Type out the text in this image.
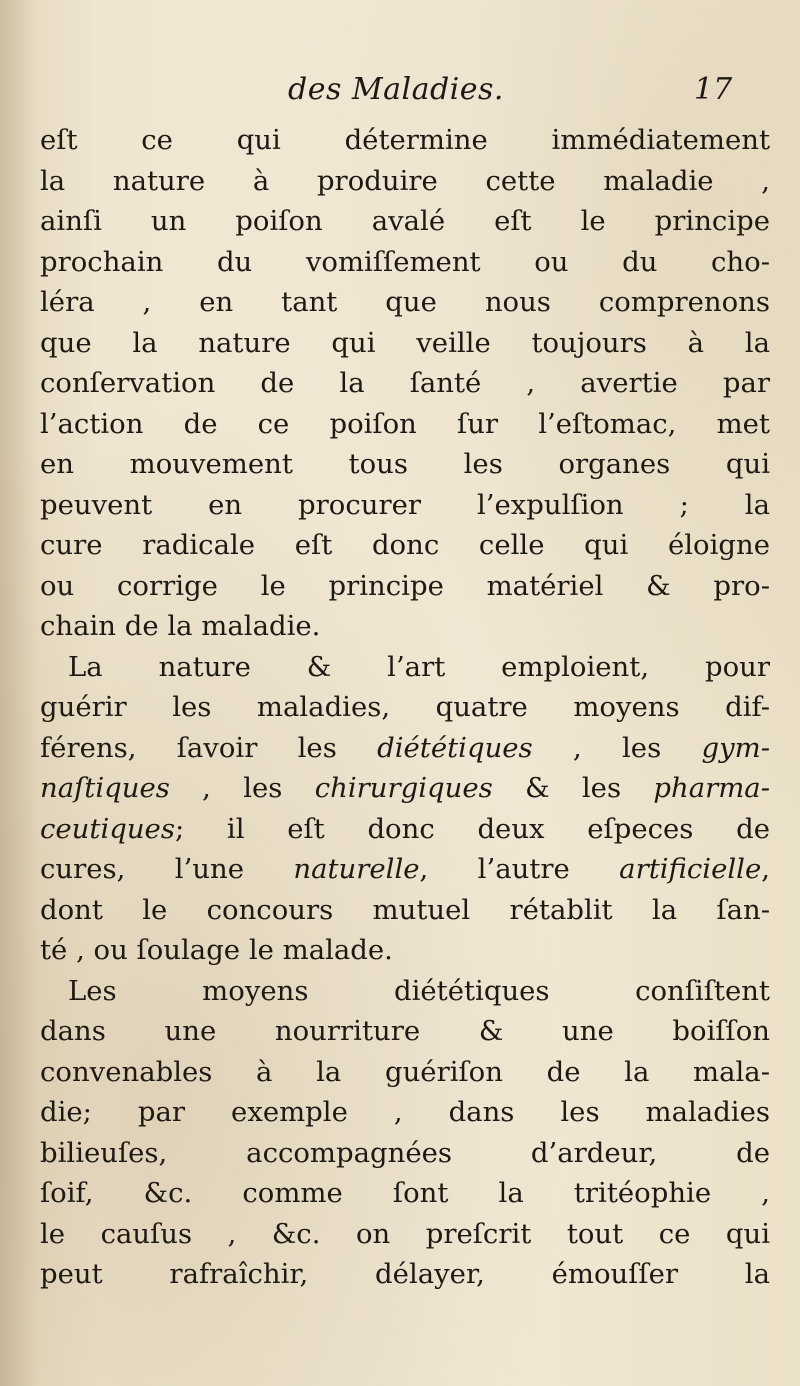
des Maladies.	17
eſt ce qui détermine immédiatement
la nature à produire cette maladie ,
ainſi un poiſon avalé eſt le principe
prochain du vomiſſement ou du cho-
léra , en tant que nous comprenons
que la nature qui veille toujours à la
conſervation de la ſanté , avertie par
l’action de ce poiſon ſur l’eſtomac, met
en mouvement tous les organes qui
peuvent en procurer l’expulſion ; la
cure radicale eſt donc celle qui éloigne
ou corrige le principe matériel & pro-
chain de la maladie.
La nature & l’art emploient, pour
guérir les maladies, quatre moyens dif-
férens, ſavoir les diététiques , les gym-
naſtiques , les chirurgiques & les pharma-
ceutiques; il eſt donc deux eſpeces de
cures, l’une naturelle, l’autre artificielle,
dont le concours mutuel rétablit la ſan-
té , ou ſoulage le malade.
Les moyens diététiques conſiſtent
dans une nourriture & une boiſſon
convenables à la guériſon de la mala-
die; par exemple , dans les maladies
bilieuſes, accompagnées d’ardeur, de
ſoif, &c. comme ſont la tritéophie ,
le cauſus , &c. on preſcrit tout ce qui
peut rafraîchir, délayer, émouſſer la
